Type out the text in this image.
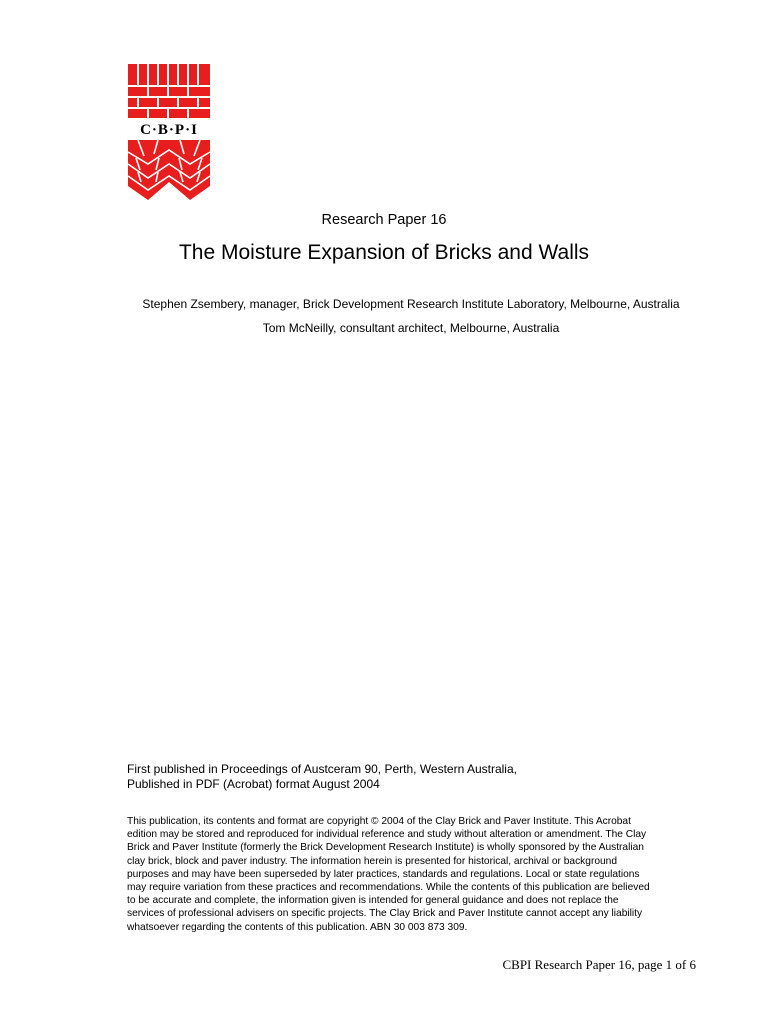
C·B·P·I
Research Paper 16
The Moisture Expansion of Bricks and Walls
Stephen Zsembery, manager, Brick Development Research Institute Laboratory, Melbourne, Australia
Tom McNeilly, consultant architect, Melbourne, Australia
First published in Proceedings of Austceram 90, Perth, Western Australia,
Published in PDF (Acrobat) format August 2004
This publication, its contents and format are copyright © 2004 of the Clay Brick and Paver Institute. This Acrobat
edition may be stored and reproduced for individual reference and study without alteration or amendment. The Clay
Brick and Paver Institute (formerly the Brick Development Research Institute) is wholly sponsored by the Australian
clay brick, block and paver industry. The information herein is presented for historical, archival or background
purposes and may have been superseded by later practices, standards and regulations. Local or state regulations
may require variation from these practices and recommendations. While the contents of this publication are believed
to be accurate and complete, the information given is intended for general guidance and does not replace the
services of professional advisers on specific projects. The Clay Brick and Paver Institute cannot accept any liability
whatsoever regarding the contents of this publication. ABN 30 003 873 309.
CBPI Research Paper 16, page 1 of 6
